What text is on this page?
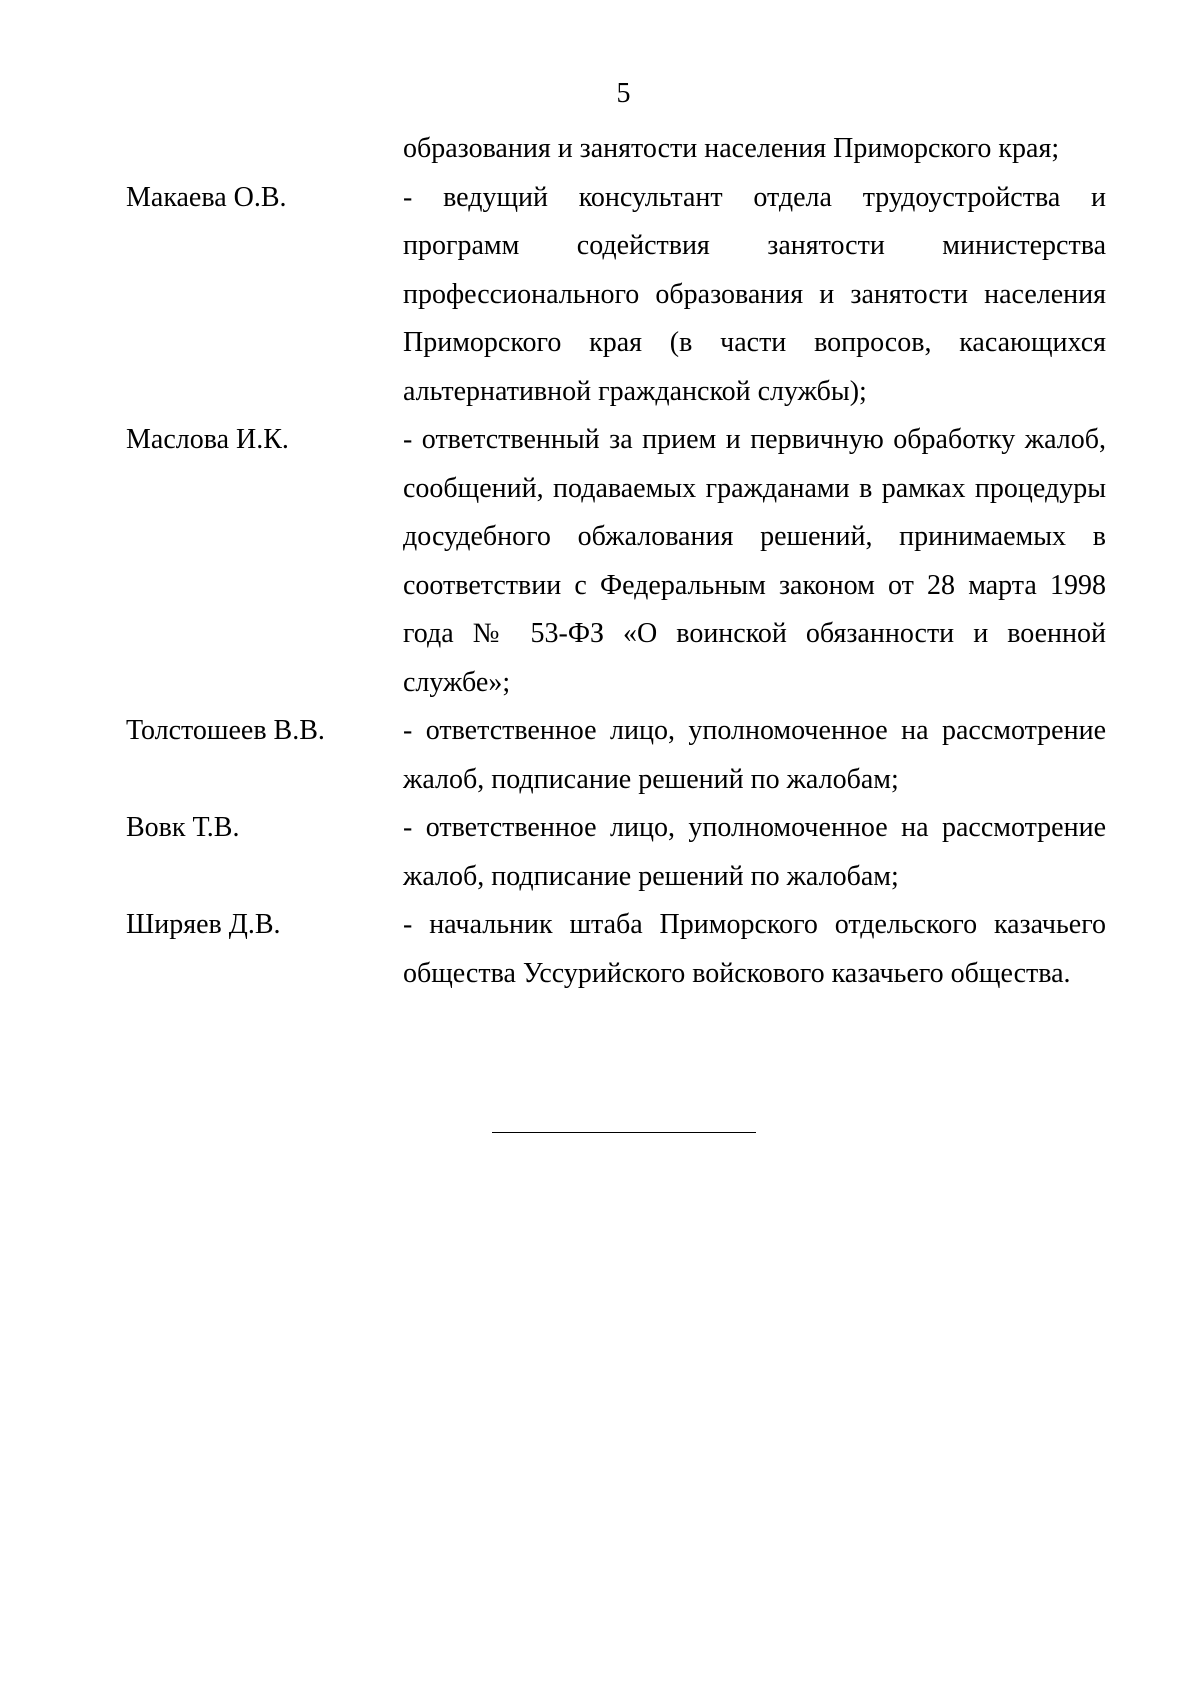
5
образования и занятости населения Приморского края;
Макаева О.В.	- ведущий консультант отдела трудоустройства и программ содействия занятости министерства профессионального образования и занятости населения Приморского края (в части вопросов, касающихся альтернативной гражданской службы);
Маслова И.К.	- ответственный за прием и первичную обработку жалоб, сообщений, подаваемых гражданами в рамках процедуры досудебного обжалования решений, принимаемых в соответствии с Федеральным законом от 28 марта 1998 года № 53-ФЗ «О воинской обязанности и военной службе»;
Толстошеев В.В.	- ответственное лицо, уполномоченное на рассмотрение жалоб, подписание решений по жалобам;
Вовк Т.В.	- ответственное лицо, уполномоченное на рассмотрение жалоб, подписание решений по жалобам;
Ширяев Д.В.	- начальник штаба Приморского отдельского казачьего общества Уссурийского войскового казачьего общества.
